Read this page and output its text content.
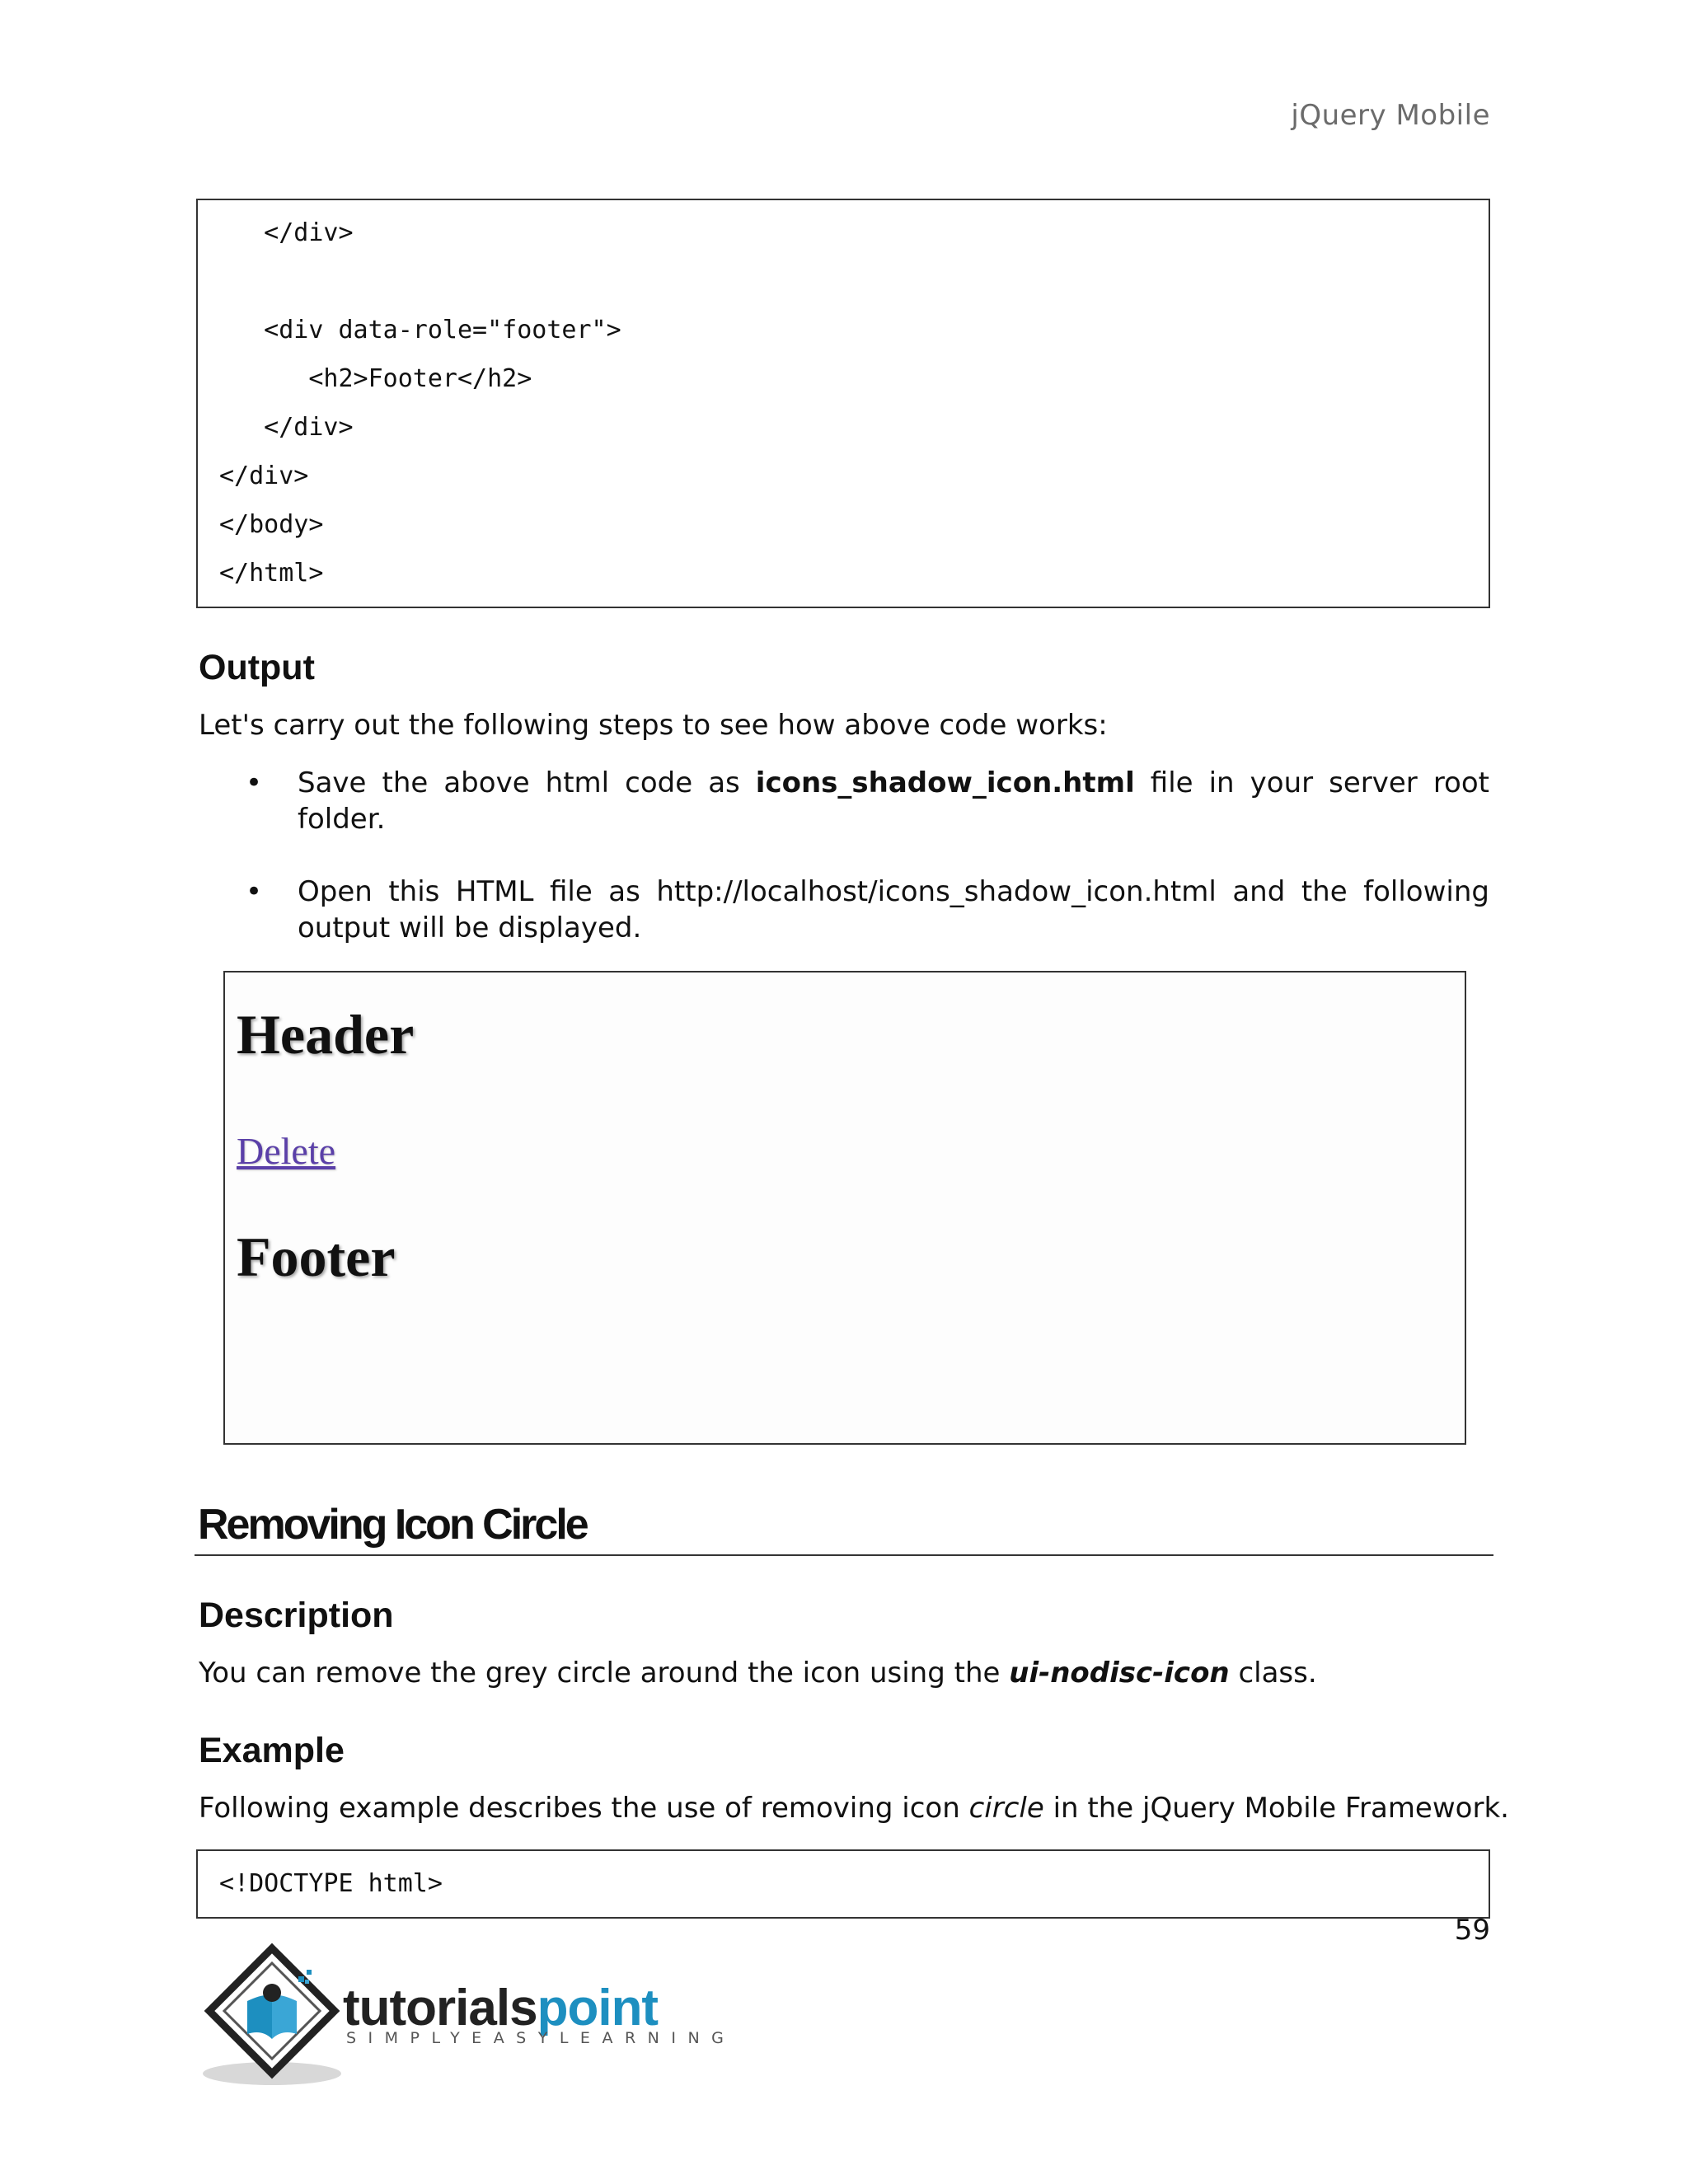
jQuery Mobile
</div>
<div data-role="footer">
<h2>Footer</h2>
</div>
</div>
</body>
</html>
Output
Let's carry out the following steps to see how above code works:
• Save the above html code as icons_shadow_icon.html file in your server root
folder.
• Open this HTML file as http://localhost/icons_shadow_icon.html and the following
output will be displayed.
Header
Delete
Footer
Removing Icon Circle
Description
You can remove the grey circle around the icon using the ui-nodisc-icon class.
Example
Following example describes the use of removing icon circle in the jQuery Mobile Framework.
<!DOCTYPE html>
59
tutorialspoint
SIMPLYEASYLEARNING
